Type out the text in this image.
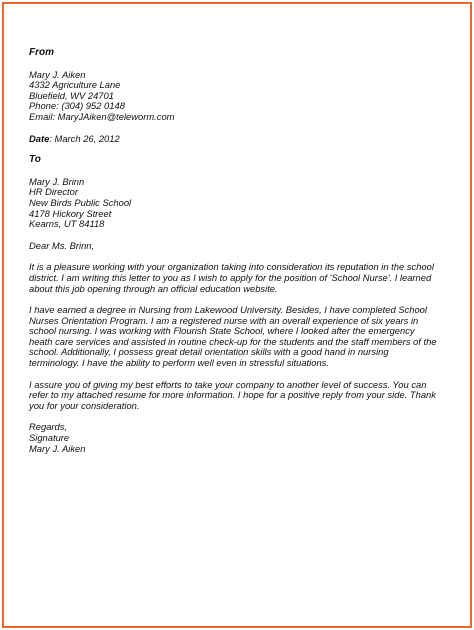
From
Mary J. Aiken
4332 Agriculture Lane
Bluefield, WV 24701
Phone: (304) 952 0148
Email: MaryJAiken@teleworm.com
Date: March 26, 2012
To
Mary J. Brinn
HR Director
New Birds Public School
4178 Hickory Street
Kearns, UT 84118
Dear Ms. Brinn,

It is a pleasure working with your organization taking into consideration its reputation in the school
district. I am writing this letter to you as I wish to apply for the position of 'School Nurse'. I learned
about this job opening through an official education website.

I have earned a degree in Nursing from Lakewood University. Besides, I have completed School
Nurses Orientation Program. I am a registered nurse with an overall experience of six years in
school nursing. I was working with Flourish State School, where I looked after the emergency
heath care services and assisted in routine check-up for the students and the staff members of the
school. Additionally, I possess great detail orientation skills with a good hand in nursing
terminology. I have the ability to perform well even in stressful situations.

I assure you of giving my best efforts to take your company to another level of success. You can
refer to my attached resume for more information. I hope for a positive reply from your side. Thank
you for your consideration.

Regards,
Signature
Mary J. Aiken
